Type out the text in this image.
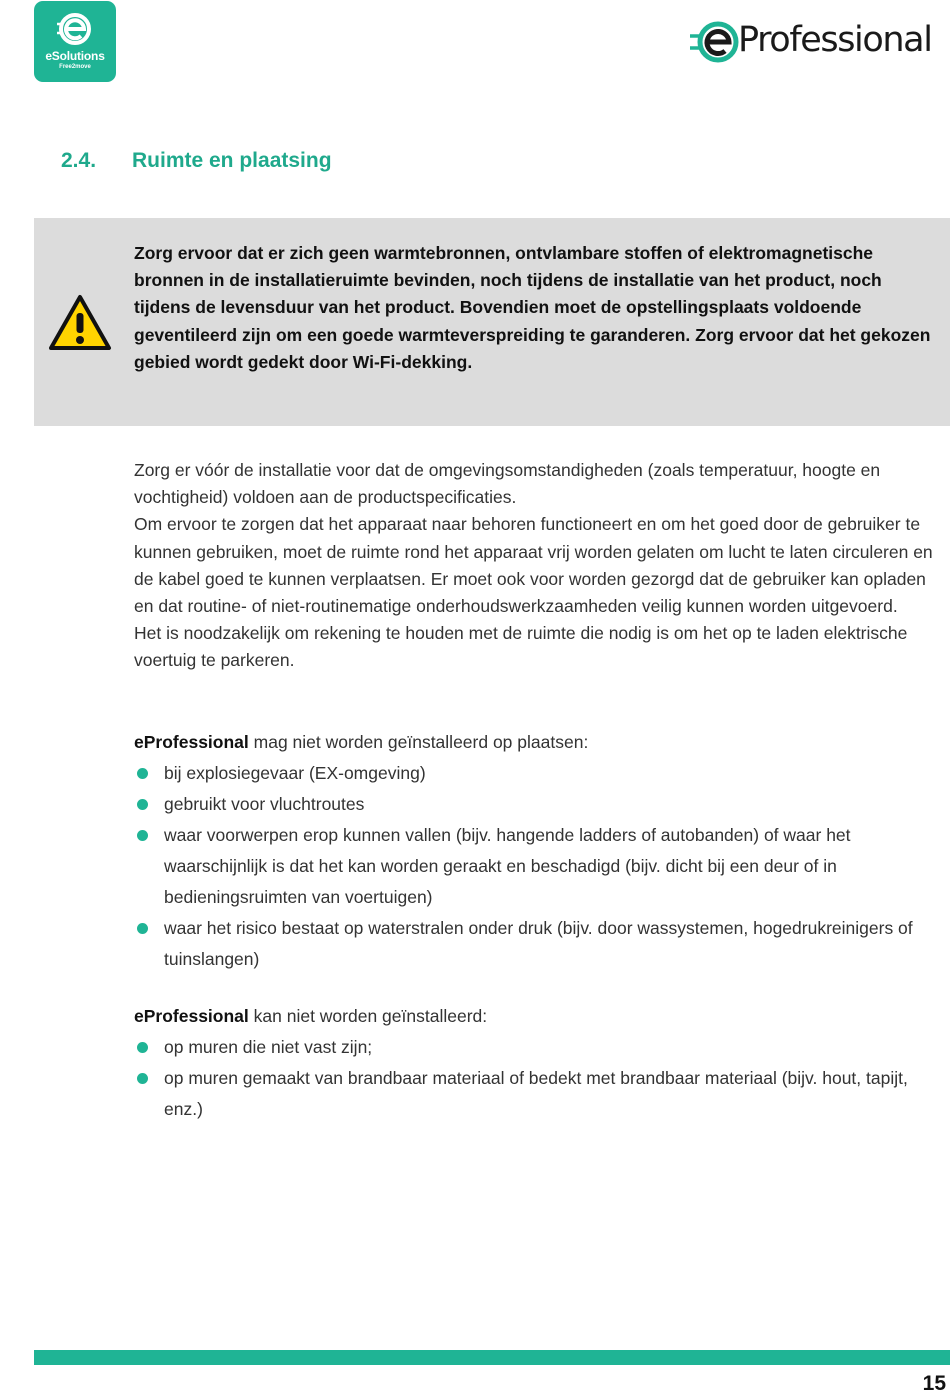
eSolutions
Free2move
Professional
2.4. Ruimte en plaatsing
Zorg ervoor dat er zich geen warmtebronnen, ontvlambare stoffen of elektromagnetische bronnen in de installatieruimte bevinden, noch tijdens de installatie van het product, noch tijdens de levensduur van het product. Bovendien moet de opstellingsplaats voldoende geventileerd zijn om een goede warmteverspreiding te garanderen. Zorg ervoor dat het gekozen gebied wordt gedekt door Wi-Fi-dekking.

Zorg er vóór de installatie voor dat de omgevingsomstandigheden (zoals temperatuur, hoogte en vochtigheid) voldoen aan de productspecificaties.

Om ervoor te zorgen dat het apparaat naar behoren functioneert en om het goed door de gebruiker te kunnen gebruiken, moet de ruimte rond het apparaat vrij worden gelaten om lucht te laten circuleren en de kabel goed te kunnen verplaatsen. Er moet ook voor worden gezorgd dat de gebruiker kan opladen en dat routine- of niet-routinematige onderhoudswerkzaamheden veilig kunnen worden uitgevoerd.

Het is noodzakelijk om rekening te houden met de ruimte die nodig is om het op te laden elektrische voertuig te parkeren.

eProfessional mag niet worden geïnstalleerd op plaatsen:

bij explosiegevaar (EX-omgeving)
gebruikt voor vluchtroutes
waar voorwerpen erop kunnen vallen (bijv. hangende ladders of autobanden) of waar het waarschijnlijk is dat het kan worden geraakt en beschadigd (bijv. dicht bij een deur of in bedieningsruimten van voertuigen)
waar het risico bestaat op waterstralen onder druk (bijv. door wassystemen, hogedrukreinigers of tuinslangen)

eProfessional kan niet worden geïnstalleerd:

op muren die niet vast zijn;
op muren gemaakt van brandbaar materiaal of bedekt met brandbaar materiaal (bijv. hout, tapijt, enz.)
15
